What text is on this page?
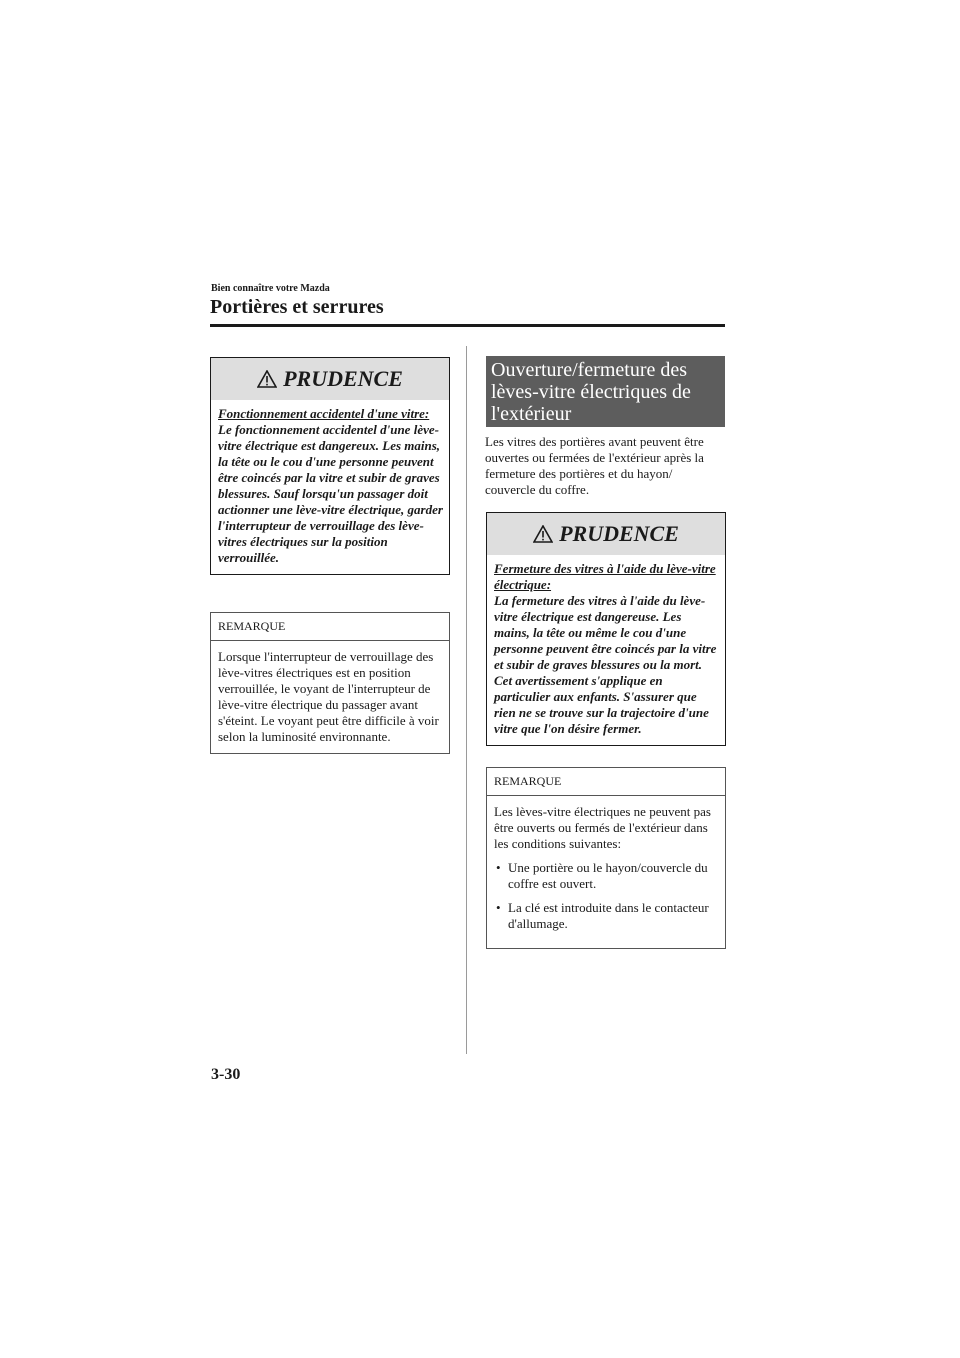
Bien connaître votre Mazda
Portières et serrures
PRUDENCE
Fonctionnement accidentel d'une vitre:
Le fonctionnement accidentel d'une lève-vitre électrique est dangereux. Les mains, la tête ou le cou d'une personne peuvent être coincés par la vitre et subir de graves blessures. Sauf lorsqu'un passager doit actionner une lève-vitre électrique, garder l'interrupteur de verrouillage des lève-vitres électriques sur la position verrouillée.
REMARQUE
Lorsque l'interrupteur de verrouillage des lève-vitres électriques est en position verrouillée, le voyant de l'interrupteur de lève-vitre électrique du passager avant s'éteint. Le voyant peut être difficile à voir selon la luminosité environnante.
Ouverture/fermeture des lèves-vitre électriques de l'extérieur
Les vitres des portières avant peuvent être ouvertes ou fermées de l'extérieur après la fermeture des portières et du hayon/ couvercle du coffre.
PRUDENCE
Fermeture des vitres à l'aide du lève-vitre électrique:
La fermeture des vitres à l'aide du lève-vitre électrique est dangereuse. Les mains, la tête ou même le cou d'une personne peuvent être coincés par la vitre et subir de graves blessures ou la mort.
Cet avertissement s'applique en particulier aux enfants. S'assurer que rien ne se trouve sur la trajectoire d'une vitre que l'on désire fermer.
REMARQUE
Les lèves-vitre électriques ne peuvent pas être ouverts ou fermés de l'extérieur dans les conditions suivantes:
• Une portière ou le hayon/couvercle du coffre est ouvert.
• La clé est introduite dans le contacteur d'allumage.
3-30
